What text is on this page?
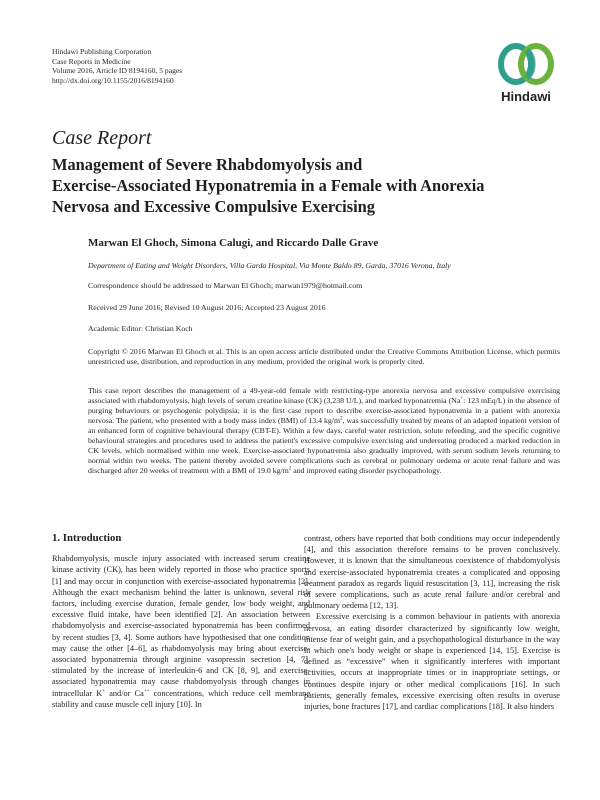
Hindawi Publishing Corporation
Case Reports in Medicine
Volume 2016, Article ID 8194160, 5 pages
http://dx.doi.org/10.1155/2016/8194160
Hindawi
Case Report
Management of Severe Rhabdomyolysis and
Exercise-Associated Hyponatremia in a Female with Anorexia
Nervosa and Excessive Compulsive Exercising
Marwan El Ghoch, Simona Calugi, and Riccardo Dalle Grave
Department of Eating and Weight Disorders, Villa Garda Hospital, Via Monte Baldo 89, Garda, 37016 Verona, Italy
Correspondence should be addressed to Marwan El Ghoch; marwan1979@hotmail.com
Received 29 June 2016; Revised 10 August 2016; Accepted 23 August 2016
Academic Editor: Christian Koch
Copyright © 2016 Marwan El Ghoch et al. This is an open access article distributed under the Creative Commons Attribution License, which permits unrestricted use, distribution, and reproduction in any medium, provided the original work is properly cited.
This case report describes the management of a 49-year-old female with restricting-type anorexia nervosa and excessive compulsive exercising associated with rhabdomyolysis, high levels of serum creatine kinase (CK) (3,238 U/L), and marked hyponatremia (Na+: 123 mEq/L) in the absence of purging behaviours or psychogenic polydipsia; it is the first case report to describe exercise-associated hyponatremia in a patient with anorexia nervosa. The patient, who presented with a body mass index (BMI) of 13.4 $kg/m^2$, was successfully treated by means of an adapted inpatient version of an enhanced form of cognitive behavioural therapy (CBT-E). Within a few days, careful water restriction, solute refeeding, and the specific cognitive behavioural strategies and procedures used to address the patient's excessive compulsive exercising and undereating produced a marked reduction in CK levels, which normalised within one week. Exercise-associated hyponatremia also gradually improved, with serum sodium levels returning to normal within two weeks. The patient thereby avoided severe complications such as cerebral or pulmonary oedema or acute renal failure and was discharged after 20 weeks of treatment with a BMI of 19.0 $kg/m^2$ and improved eating disorder psychopathology.
1. Introduction

Rhabdomyolysis, muscle injury associated with increased serum creatine kinase activity (CK), has been widely reported in those who practice sports [1] and may occur in conjunction with exercise-associated hyponatremia [2]. Although the exact mechanism behind the latter is unknown, several risk factors, including exercise duration, female gender, low body weight, and excessive fluid intake, have been identified [2]. An association between rhabdomyolysis and exercise-associated hyponatremia has been confirmed by recent studies [3, 4]. Some authors have hypothesised that one condition may cause the other [4–6], as rhabdomyolysis may bring about exercise-associated hyponatremia through arginine vasopressin secretion [4, 7], stimulated by the increase of interleukin-6 and CK [8, 9], and exercise-associated hyponatremia may cause rhabdomyolysis through changes in intracellular K+ and/or Ca++ concentrations, which reduce cell membrane stability and cause muscle cell injury [10]. In

contrast, others have reported that both conditions may occur independently [4], and this association therefore remains to be proven conclusively. However, it is known that the simultaneous coexistence of rhabdomyolysis and exercise-associated hyponatremia creates a complicated and opposing treatment paradox as regards liquid resuscitation [3, 11], increasing the risk of severe complications, such as acute renal failure and/or cerebral and pulmonary oedema [12, 13].

Excessive exercising is a common behaviour in patients with anorexia nervosa, an eating disorder characterized by significantly low weight, intense fear of weight gain, and a psychopathological disturbance in the way in which one's body weight or shape is experienced [14, 15]. Exercise is defined as “excessive” when it significantly interferes with important activities, occurs at inappropriate times or in inappropriate settings, or continues despite injury or other medical complications [16]. In such patients, generally females, excessive exercising often results in overuse injuries, bone fractures [17], and cardiac complications [18]. It also hinders
